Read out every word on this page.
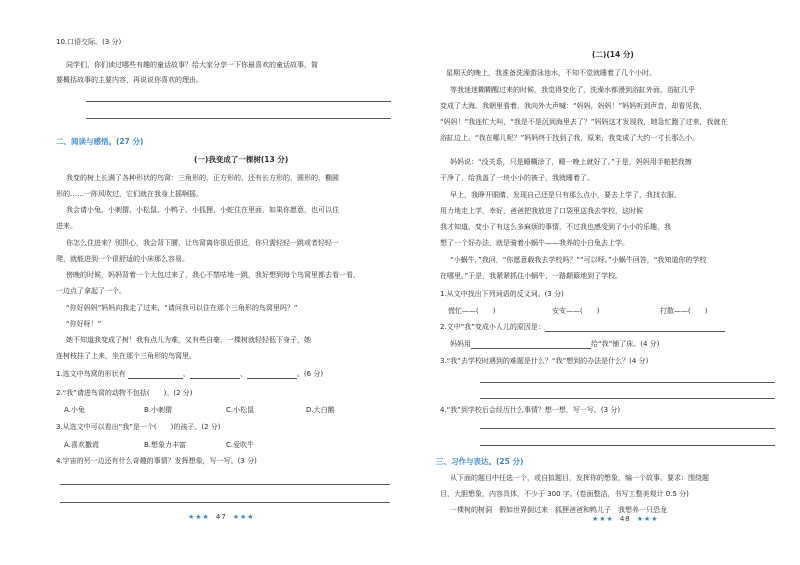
10.口语交际。(3 分)
同学们，你们读过哪些有趣的童话故事？给大家分享一下你最喜欢的童话故事，简
要概括故事的主要内容，再说说你喜欢的理由。
二、阅读与感悟。(27 分)
(一)我变成了一棵树(13 分)
我变的树上长满了各种形状的鸟窝：三角形的，正方形的，还有长方形的、圆形的，椭圆
形的……一阵风吹过，它们就在我身上摇啊摇。
我会请小兔、小刺猬、小松鼠、小鸭子、小狐狸、小蛇住在里面，如果你愿意，也可以住
进来。
你怎么住进来？别担心，我会背下腰，让鸟窝离你很近很近，你只需轻轻一跳或者轻轻一
爬，就能进到一个很舒适的小床那么容易。
傍晚的时候，妈妈背着一个大包过来了，我心不禁咕地一跳，我好想到每个鸟窝里都去看一看，
一边点了拿起了一个。
“你好妈妈”妈妈向我走了过来，“请问我可以住在那个三角形的鸟窝里吗？”
“你好呀！”
她不知道我变成了树！我有点儿为难，又有些自豪，一棵树就轻轻低下身子，她
连树枝挂了上来，坐在那个三角形的鸟窝里。
1.选文中鸟窝的形状有	、	、	。(6 分)
2.“我”请进鸟窝的动物不包括(　　)。(2 分)
A.小兔	B.小刺猬	C.小松鼠	D.大白鹅
3.从选文中可以看出“我”是一个(　　)的孩子。(2 分)
A.喜欢撒谎	B.想象力丰富	C.爱吹牛
4.宇宙的另一边还有什么奇趣的事情？发挥想象，写一写。(3 分)
★★★ 47 ★★★
(二)(14 分)
星期天的晚上，我准备洗澡游泳池水，不知不觉就睡着了几个小时。
等我迷迷糊糊醒过来的时候，我觉得变化了，洗澡水都漫到浴缸外面，浴缸几乎
变成了大海。我朝里看着，我向外大声喊：“妈妈，妈妈！”妈妈听到声音，却看见我，
“妈妈！”我连忙大叫，“我是不是沉到海里去了？”妈妈这才发现我，她急忙跑了过来，我就在
浴缸边上。“我在哪儿呢？”妈妈终于找到了我，原来，我变成了大约一寸长那么小。
妈妈说：“没关系，只是睡糊涂了，睡一晚上就好了。”于是，妈妈用手帕把我擦
干净了，给我盖了一块小小的被子，我就睡着了。
早上，我睁开眼睛，发现自己还是只有那么点小，要去上学了，我找衣服，
用力地走上学，幸好，爸爸把我放进了口袋里送我去学校，这时候
我才知道，变小了有这么多麻烦的事情，不过我也感受到了小小的乐趣，我
想了一个好办法，就是骑着小蜗牛——我养的小白兔去上学。
“小蜗牛，”我问，“你愿意载我去学校吗？”“可以呀。”小蜗牛回答，“我知道你的学校
在哪里。”于是，我紧紧抓住小蜗牛，一路颠簸地到了学校。
1.从文中找出下列词语的反义词。(3 分)
慌忙——(　　)	安安——(　　)	打散——(　　)
2.文中“我”变成小人儿的原因是：
妈妈用	给“我”铺了床。(4 分)
3.“我”去学校时遇到的难题是什么？“我”想到的办法是什么？(4 分)
4.“我”到学校后会经历什么事情？想一想，写一写。(3 分)
三、习作与表达。(25 分)
从下面的题目中任选一个，或自拟题目，发挥你的想象，编一个故事。要求：围绕题
目，大胆想象，内容具体，不少于 300 字。(卷面整洁，书写工整美观计 0.5 分)
一棵树的树洞　假如世界倒过来　狐狸爸爸和鸭儿子　我想养一只恐龙
★★★ 48 ★★★
